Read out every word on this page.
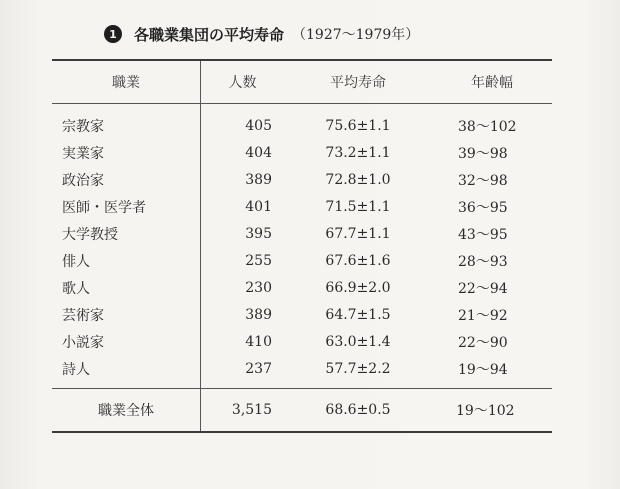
1	各職業集団の平均寿命 （1927〜1979年）
職業	人数	平均寿命	年齢幅
宗教家	405	75.6±1.1	38〜102
実業家	404	73.2±1.1	39〜98
政治家	389	72.8±1.0	32〜98
医師・医学者	401	71.5±1.1	36〜95
大学教授	395	67.7±1.1	43〜95
俳人	255	67.6±1.6	28〜93
歌人	230	66.9±2.0	22〜94
芸術家	389	64.7±1.5	21〜92
小説家	410	63.0±1.4	22〜90
詩人	237	57.7±2.2	19〜94
職業全体	3,515	68.6±0.5	19〜102
